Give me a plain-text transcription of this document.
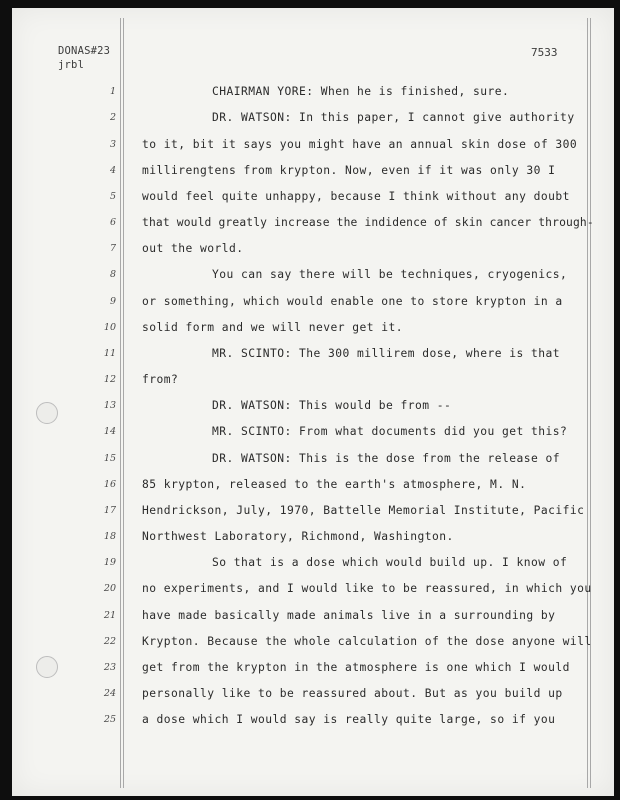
DONAS#23
jrbl
7533
1
2
3
4
5
6
7
8
9
10
11
12
13
14
15
16
17
18
19
20
21
22
23
24
25
CHAIRMAN YORE: When he is finished, sure.
DR. WATSON: In this paper, I cannot give authority
to it, bit it says you might have an annual skin dose of 300
millirengtens from krypton. Now, even if it was only 30 I
would feel quite unhappy, because I think without any doubt
that would greatly increase the indidence of skin cancer through-
out the world.
You can say there will be techniques, cryogenics,
or something, which would enable one to store krypton in a
solid form and we will never get it.
MR. SCINTO: The 300 millirem dose, where is that
from?
DR. WATSON: This would be from --
MR. SCINTO: From what documents did you get this?
DR. WATSON: This is the dose from the release of
85 krypton, released to the earth's atmosphere, M. N.
Hendrickson, July, 1970, Battelle Memorial Institute, Pacific
Northwest Laboratory, Richmond, Washington.
So that is a dose which would build up. I know of
no experiments, and I would like to be reassured, in which you
have made basically made animals live in a surrounding by
Krypton. Because the whole calculation of the dose anyone will
get from the krypton in the atmosphere is one which I would
personally like to be reassured about. But as you build up
a dose which I would say is really quite large, so if you
